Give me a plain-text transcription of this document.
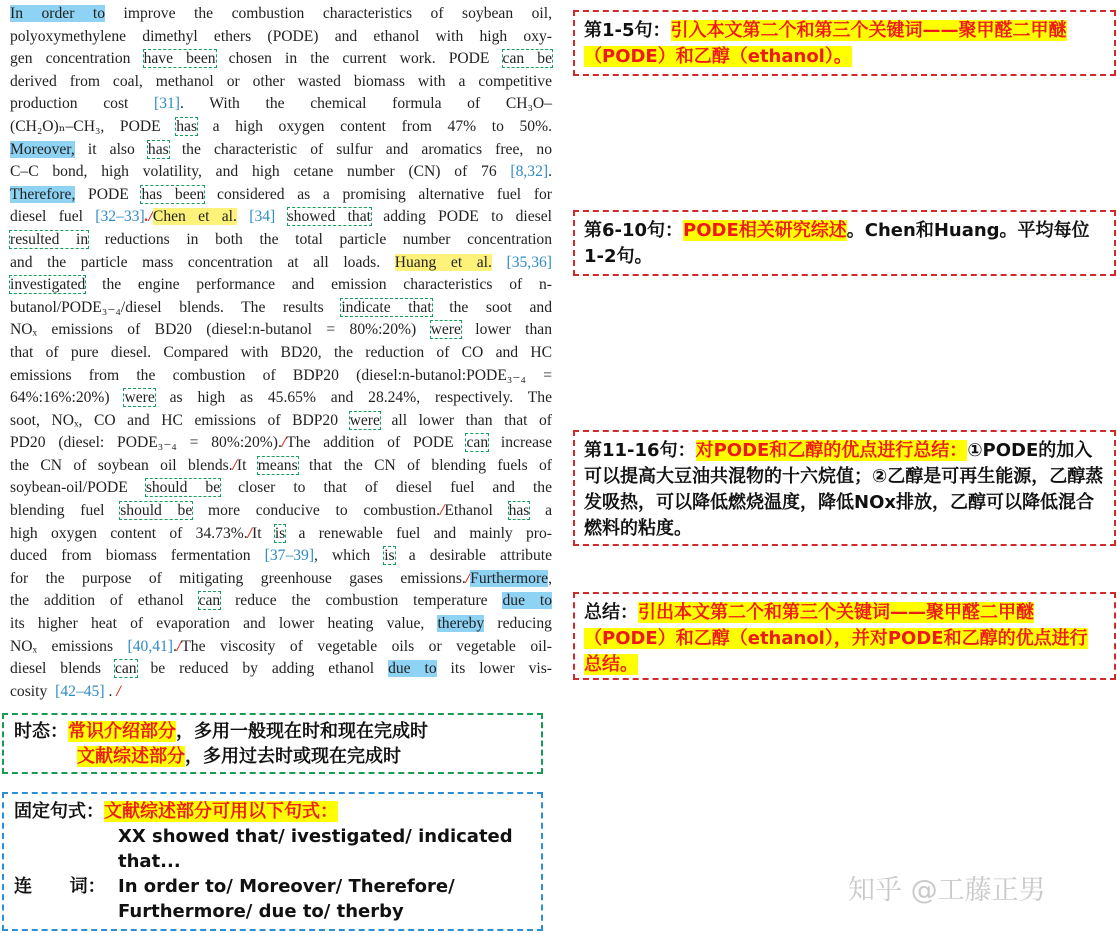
In order to improve the combustion characteristics of soybean oil,
polyoxymethylene dimethyl ethers (PODE) and ethanol with high oxy-
gen concentration have been chosen in the current work. PODE can be
derived from coal, methanol or other wasted biomass with a competitive
production cost [31]. With the chemical formula of CH₃O–
(CH₂O)ₙ–CH₃, PODE has a high oxygen content from 47% to 50%.
Moreover, it also has the characteristic of sulfur and aromatics free, no
C–C bond, high volatility, and high cetane number (CN) of 76 [8,32].
Therefore, PODE has been considered as a promising alternative fuel for
diesel fuel [32–33]./Chen et al. [34] showed that adding PODE to diesel
resulted in reductions in both the total particle number concentration
and the particle mass concentration at all loads. Huang et al. [35,36]
investigated the engine performance and emission characteristics of n-
butanol/PODE₃₋₄/diesel blends. The results indicate that the soot and
NOₓ emissions of BD20 (diesel:n-butanol = 80%:20%) were lower than
that of pure diesel. Compared with BD20, the reduction of CO and HC
emissions from the combustion of BDP20 (diesel:n-butanol:PODE₃₋₄ =
64%:16%:20%) were as high as 45.65% and 28.24%, respectively. The
soot, NOₓ, CO and HC emissions of BDP20 were all lower than that of
PD20 (diesel: PODE₃₋₄ = 80%:20%)./The addition of PODE can increase
the CN of soybean oil blends./It means that the CN of blending fuels of
soybean-oil/PODE should be closer to that of diesel fuel and the
blending fuel should be more conducive to combustion./Ethanol has a
high oxygen content of 34.73%./It is a renewable fuel and mainly pro-
duced from biomass fermentation [37–39], which is a desirable attribute
for the purpose of mitigating greenhouse gases emissions./Furthermore,
the addition of ethanol can reduce the combustion temperature due to
its higher heat of evaporation and lower heating value, thereby reducing
NOₓ emissions [40,41]./The viscosity of vegetable oils or vegetable oil-
diesel blends can be reduced by adding ethanol due to its lower vis-
cosity [42–45] . /
第1-5句：引入本文第二个和第三个关键词——聚甲醛二甲醚（PODE）和乙醇（ethanol）。
第6-10句：PODE相关研究综述。Chen和Huang。平均每位1-2句。
第11-16句：对PODE和乙醇的优点进行总结：①PODE的加入可以提高大豆油共混物的十六烷值；②乙醇是可再生能源，乙醇蒸发吸热，可以降低燃烧温度，降低NOx排放，乙醇可以降低混合燃料的粘度。
总结：引出本文第二个和第三个关键词——聚甲醛二甲醚（PODE）和乙醇（ethanol），并对PODE和乙醇的优点进行总结。
时态：常识介绍部分，多用一般现在时和现在完成时
文献综述部分，多用过去时或现在完成时
固定句式：文献综述部分可用以下句式：
XX showed that/ ivestigated/ indicated
that...
连      词： In order to/ Moreover/ Therefore/
Furthermore/ due to/ therby
知乎 @工藤正男
